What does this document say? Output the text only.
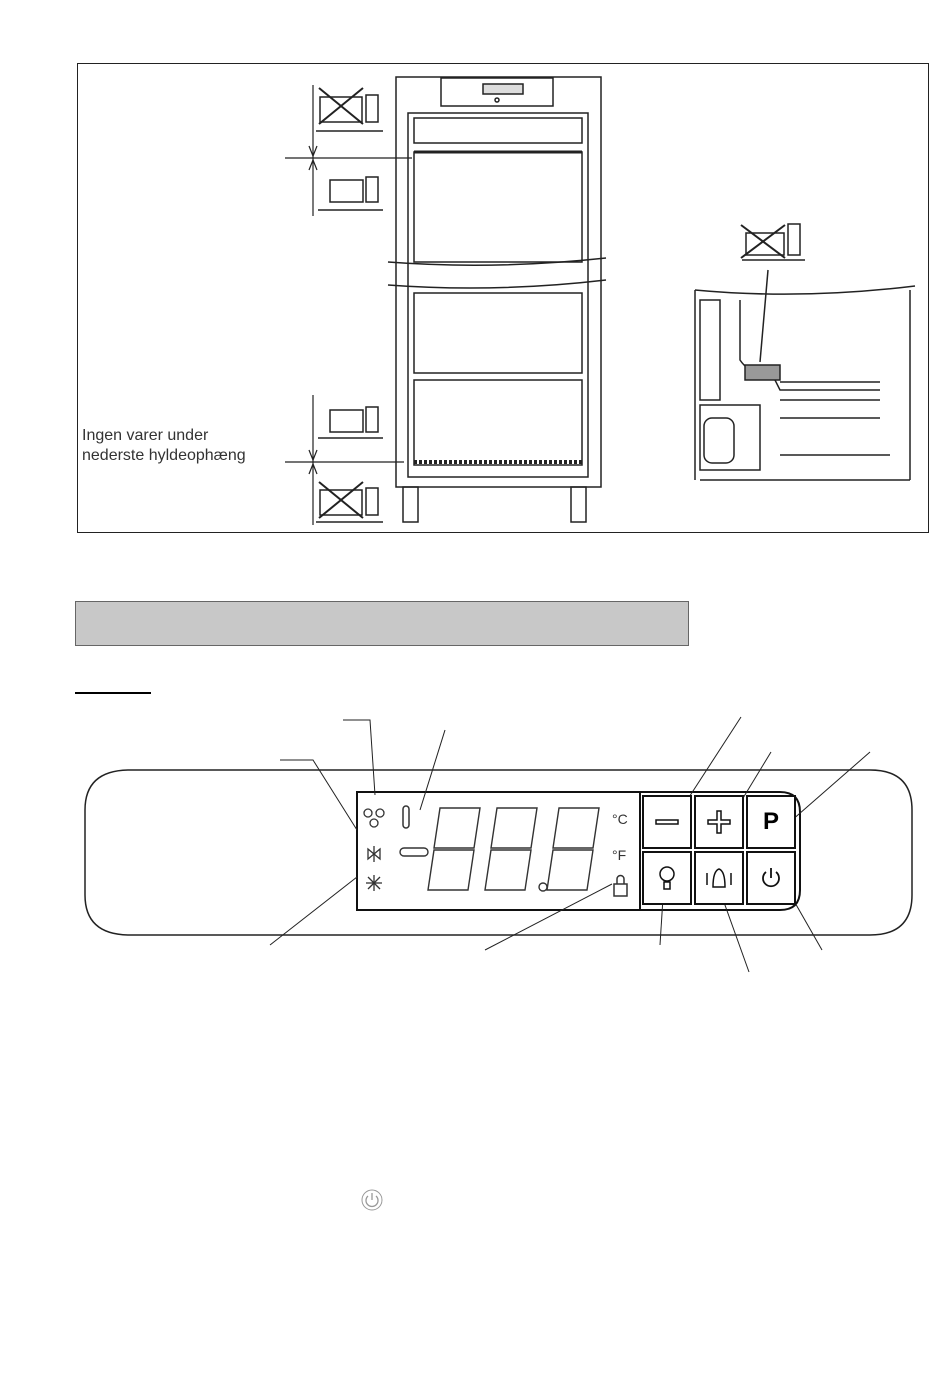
Ingen varer under
nederste hyldeophæng
°C
°F
P
